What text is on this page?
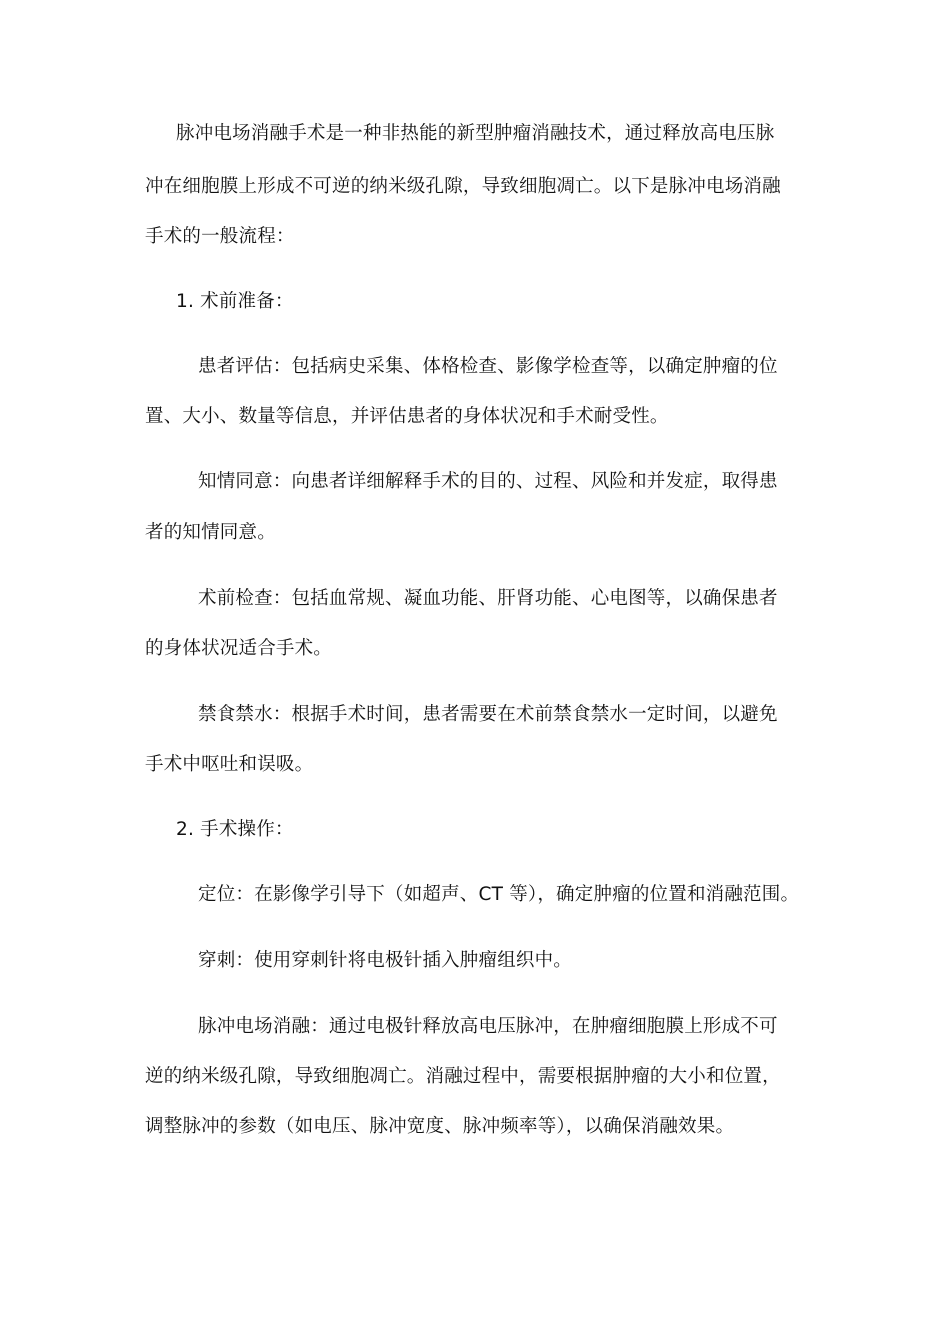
脉冲电场消融手术是一种非热能的新型肿瘤消融技术，通过释放高电压脉
冲在细胞膜上形成不可逆的纳米级孔隙，导致细胞凋亡。以下是脉冲电场消融
手术的一般流程：
1. 术前准备：
患者评估：包括病史采集、体格检查、影像学检查等，以确定肿瘤的位
置、大小、数量等信息，并评估患者的身体状况和手术耐受性。
知情同意：向患者详细解释手术的目的、过程、风险和并发症，取得患
者的知情同意。
术前检查：包括血常规、凝血功能、肝肾功能、心电图等，以确保患者
的身体状况适合手术。
禁食禁水：根据手术时间，患者需要在术前禁食禁水一定时间，以避免
手术中呕吐和误吸。
2. 手术操作：
定位：在影像学引导下（如超声、CT 等），确定肿瘤的位置和消融范围。
穿刺：使用穿刺针将电极针插入肿瘤组织中。
脉冲电场消融：通过电极针释放高电压脉冲，在肿瘤细胞膜上形成不可
逆的纳米级孔隙，导致细胞凋亡。消融过程中，需要根据肿瘤的大小和位置，
调整脉冲的参数（如电压、脉冲宽度、脉冲频率等），以确保消融效果。
